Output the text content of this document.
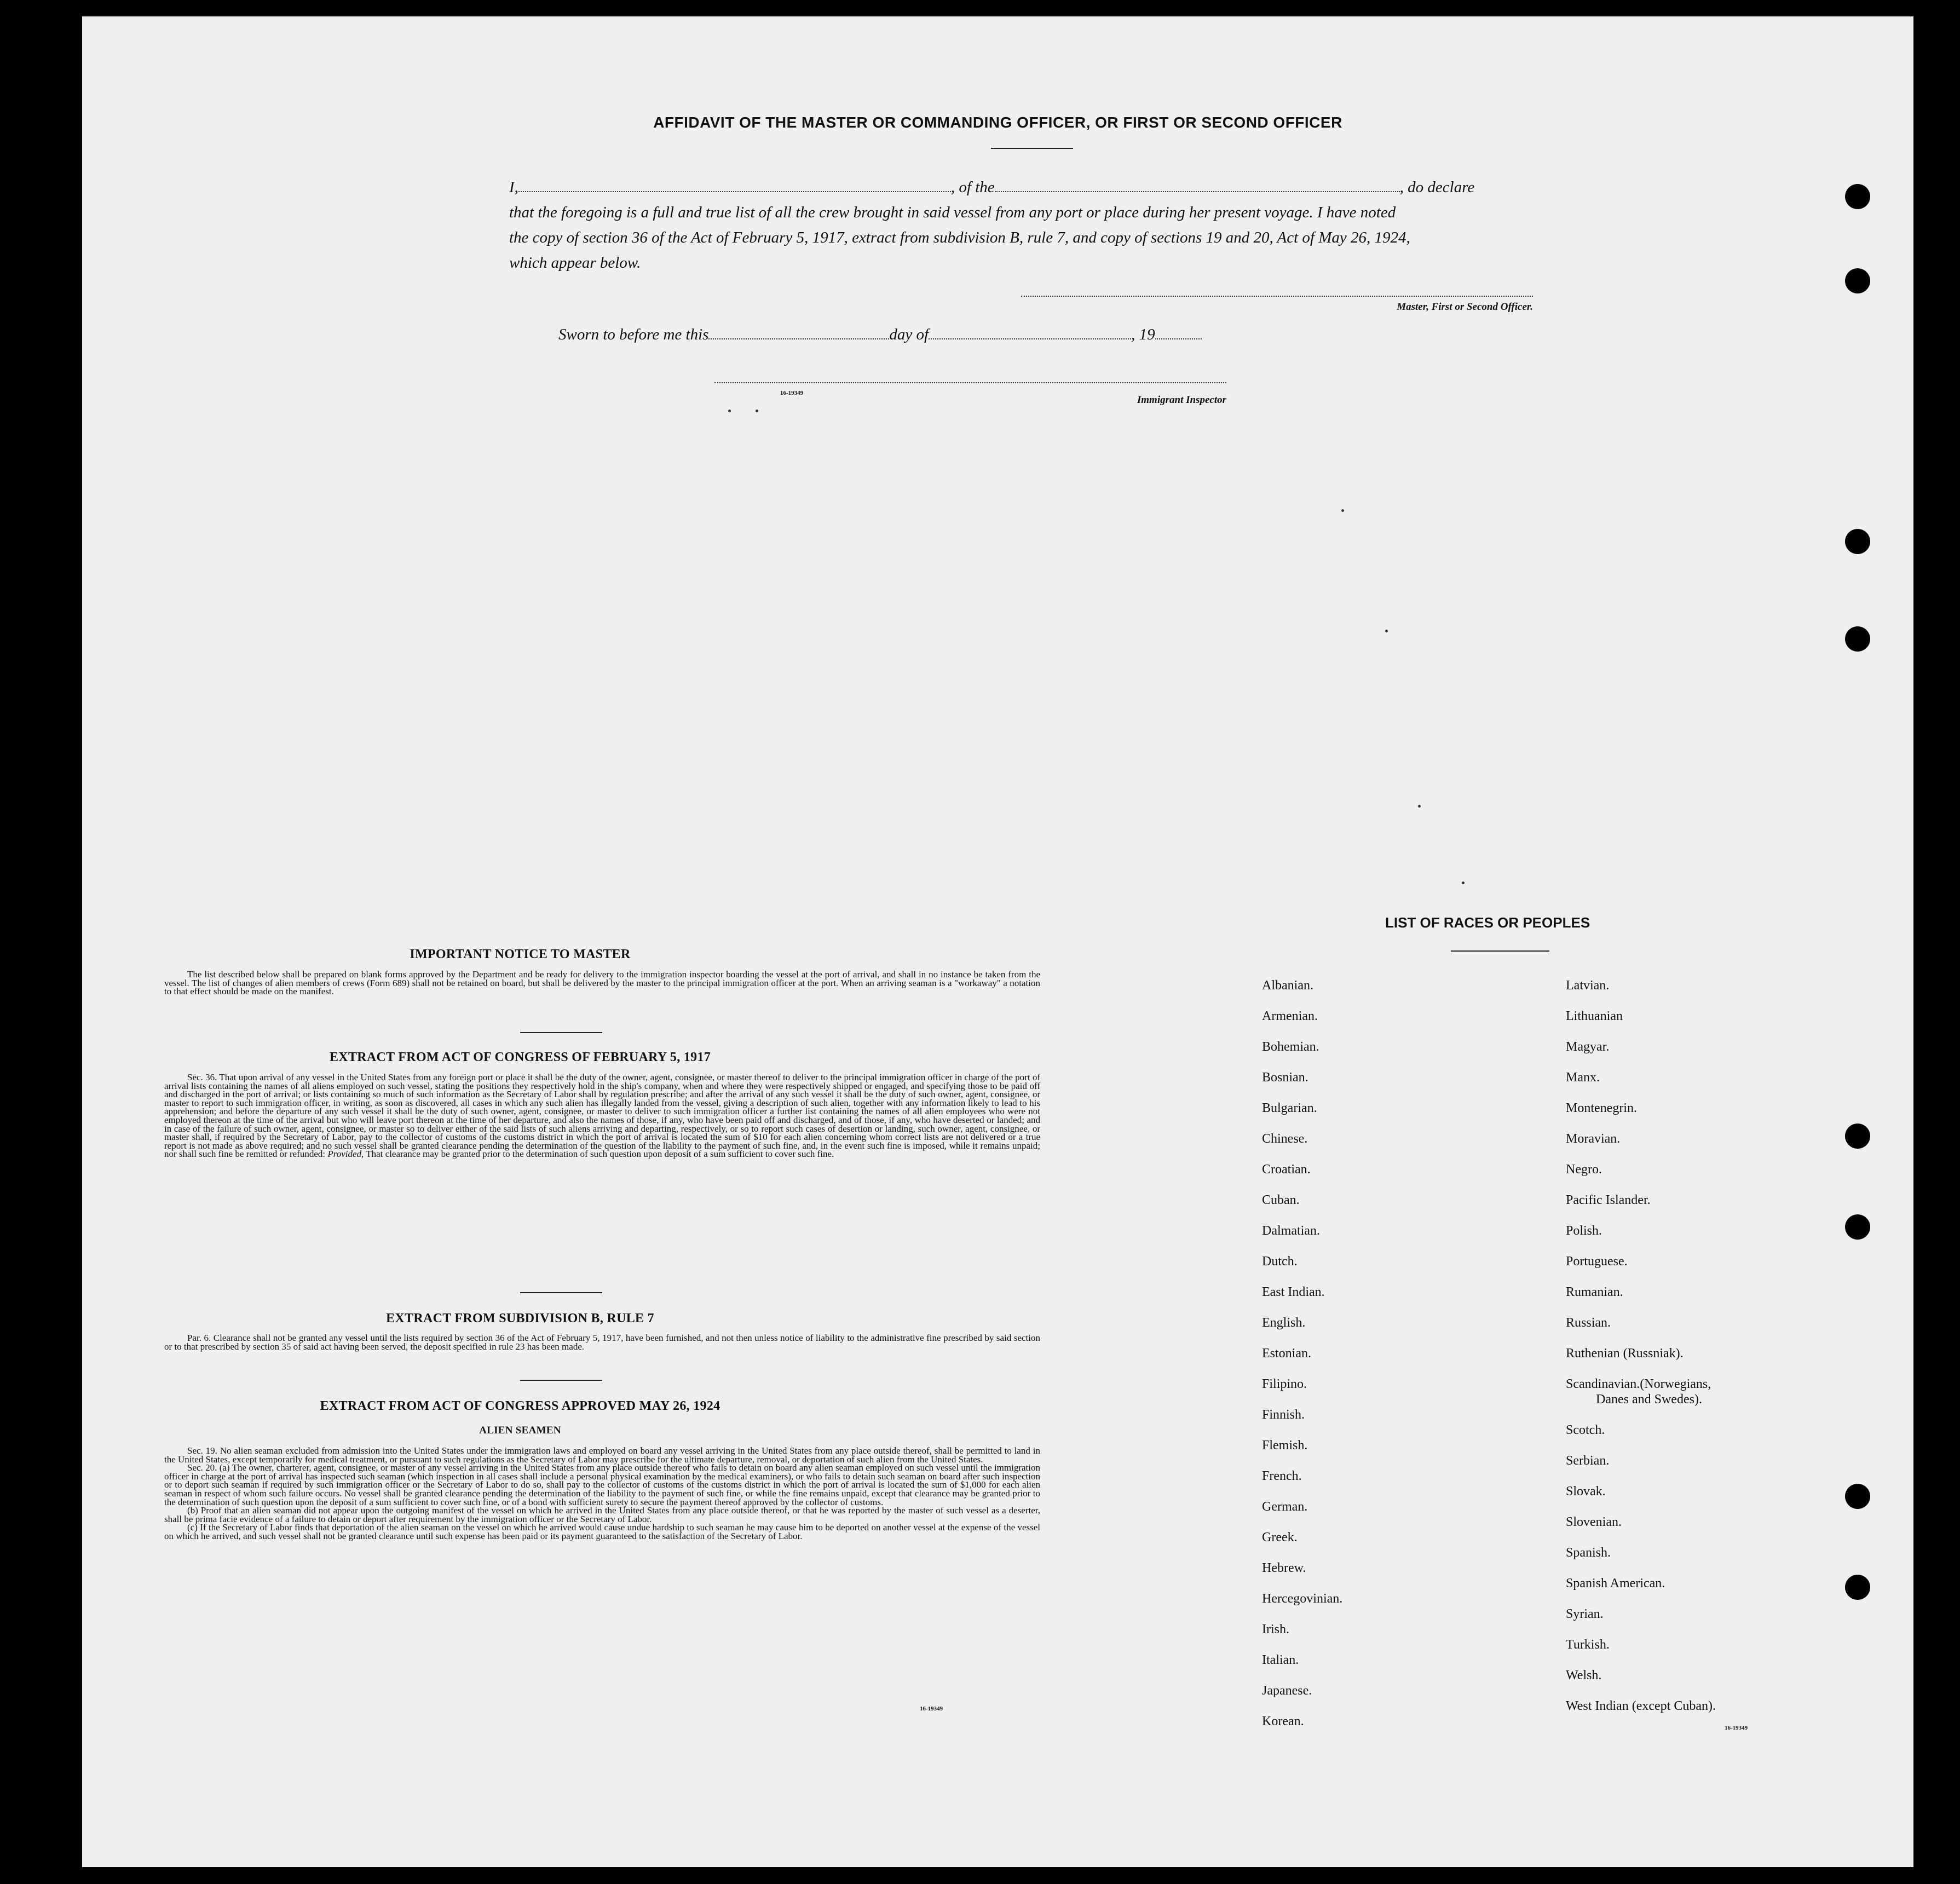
AFFIDAVIT OF THE MASTER OR COMMANDING OFFICER, OR FIRST OR SECOND OFFICER
I,	, of the	, do declare
that the foregoing is a full and true list of all the crew brought in said vessel from any port or place during her present voyage. I have noted
the copy of section 36 of the Act of February 5, 1917, extract from subdivision B, rule 7, and copy of sections 19 and 20, Act of May 26, 1924,
which appear below.
Master, First or Second Officer.
Sworn to before me this	day of	, 19
16-19349
Immigrant Inspector
IMPORTANT NOTICE TO MASTER
The list described below shall be prepared on blank forms approved by the Department and be ready for delivery to the immigration inspector boarding the vessel at the port of arrival, and shall in no instance be taken from the vessel. The list of changes of alien members of crews (Form 689) shall not be retained on board, but shall be delivered by the master to the principal immigration officer at the port. When an arriving seaman is a "workaway" a notation to that effect should be made on the manifest.
EXTRACT FROM ACT OF CONGRESS OF FEBRUARY 5, 1917
Sec. 36. That upon arrival of any vessel in the United States from any foreign port or place it shall be the duty of the owner, agent, consignee, or master thereof to deliver to the principal immigration officer in charge of the port of arrival lists containing the names of all aliens employed on such vessel, stating the positions they respectively hold in the ship's company, when and where they were respectively shipped or engaged, and specifying those to be paid off and discharged in the port of arrival; or lists containing so much of such information as the Secretary of Labor shall by regulation prescribe; and after the arrival of any such vessel it shall be the duty of such owner, agent, consignee, or master to report to such immigration officer, in writing, as soon as discovered, all cases in which any such alien has illegally landed from the vessel, giving a description of such alien, together with any information likely to lead to his apprehension; and before the departure of any such vessel it shall be the duty of such owner, agent, consignee, or master to deliver to such immigration officer a further list containing the names of all alien employees who were not employed thereon at the time of the arrival but who will leave port thereon at the time of her departure, and also the names of those, if any, who have been paid off and discharged, and of those, if any, who have deserted or landed; and in case of the failure of such owner, agent, consignee, or master so to deliver either of the said lists of such aliens arriving and departing, respectively, or so to report such cases of desertion or landing, such owner, agent, consignee, or master shall, if required by the Secretary of Labor, pay to the collector of customs of the customs district in which the port of arrival is located the sum of $10 for each alien concerning whom correct lists are not delivered or a true report is not made as above required; and no such vessel shall be granted clearance pending the determination of the question of the liability to the payment of such fine, and, in the event such fine is imposed, while it remains unpaid; nor shall such fine be remitted or refunded: Provided, That clearance may be granted prior to the determination of such question upon deposit of a sum sufficient to cover such fine.
EXTRACT FROM SUBDIVISION B, RULE 7
Par. 6. Clearance shall not be granted any vessel until the lists required by section 36 of the Act of February 5, 1917, have been furnished, and not then unless notice of liability to the administrative fine prescribed by said section or to that prescribed by section 35 of said act having been served, the deposit specified in rule 23 has been made.
EXTRACT FROM ACT OF CONGRESS APPROVED MAY 26, 1924
ALIEN SEAMEN
Sec. 19. No alien seaman excluded from admission into the United States under the immigration laws and employed on board any vessel arriving in the United States from any place outside thereof, shall be permitted to land in the United States, except temporarily for medical treatment, or pursuant to such regulations as the Secretary of Labor may prescribe for the ultimate departure, removal, or deportation of such alien from the United States.
Sec. 20. (a) The owner, charterer, agent, consignee, or master of any vessel arriving in the United States from any place outside thereof who fails to detain on board any alien seaman employed on such vessel until the immigration officer in charge at the port of arrival has inspected such seaman (which inspection in all cases shall include a personal physical examination by the medical examiners), or who fails to detain such seaman on board after such inspection or to deport such seaman if required by such immigration officer or the Secretary of Labor to do so, shall pay to the collector of customs of the customs district in which the port of arrival is located the sum of $1,000 for each alien seaman in respect of whom such failure occurs. No vessel shall be granted clearance pending the determination of the liability to the payment of such fine, or while the fine remains unpaid, except that clearance may be granted prior to the determination of such question upon the deposit of a sum sufficient to cover such fine, or of a bond with sufficient surety to secure the payment thereof approved by the collector of customs.
(b) Proof that an alien seaman did not appear upon the outgoing manifest of the vessel on which he arrived in the United States from any place outside thereof, or that he was reported by the master of such vessel as a deserter, shall be prima facie evidence of a failure to detain or deport after requirement by the immigration officer or the Secretary of Labor.
(c) If the Secretary of Labor finds that deportation of the alien seaman on the vessel on which he arrived would cause undue hardship to such seaman he may cause him to be deported on another vessel at the expense of the vessel on which he arrived, and such vessel shall not be granted clearance until such expense has been paid or its payment guaranteed to the satisfaction of the Secretary of Labor.
16-19349
LIST OF RACES OR PEOPLES
Albanian.
Armenian.
Bohemian.
Bosnian.
Bulgarian.
Chinese.
Croatian.
Cuban.
Dalmatian.
Dutch.
East Indian.
English.
Estonian.
Filipino.
Finnish.
Flemish.
French.
German.
Greek.
Hebrew.
Hercegovinian.
Irish.
Italian.
Japanese.
Korean.
Latvian.
Lithuanian
Magyar.
Manx.
Montenegrin.
Moravian.
Negro.
Pacific Islander.
Polish.
Portuguese.
Rumanian.
Russian.
Ruthenian (Russniak).
Scandinavian.(Norwegians,
Danes and Swedes).
Scotch.
Serbian.
Slovak.
Slovenian.
Spanish.
Spanish American.
Syrian.
Turkish.
Welsh.
West Indian (except Cuban).
16-19349
